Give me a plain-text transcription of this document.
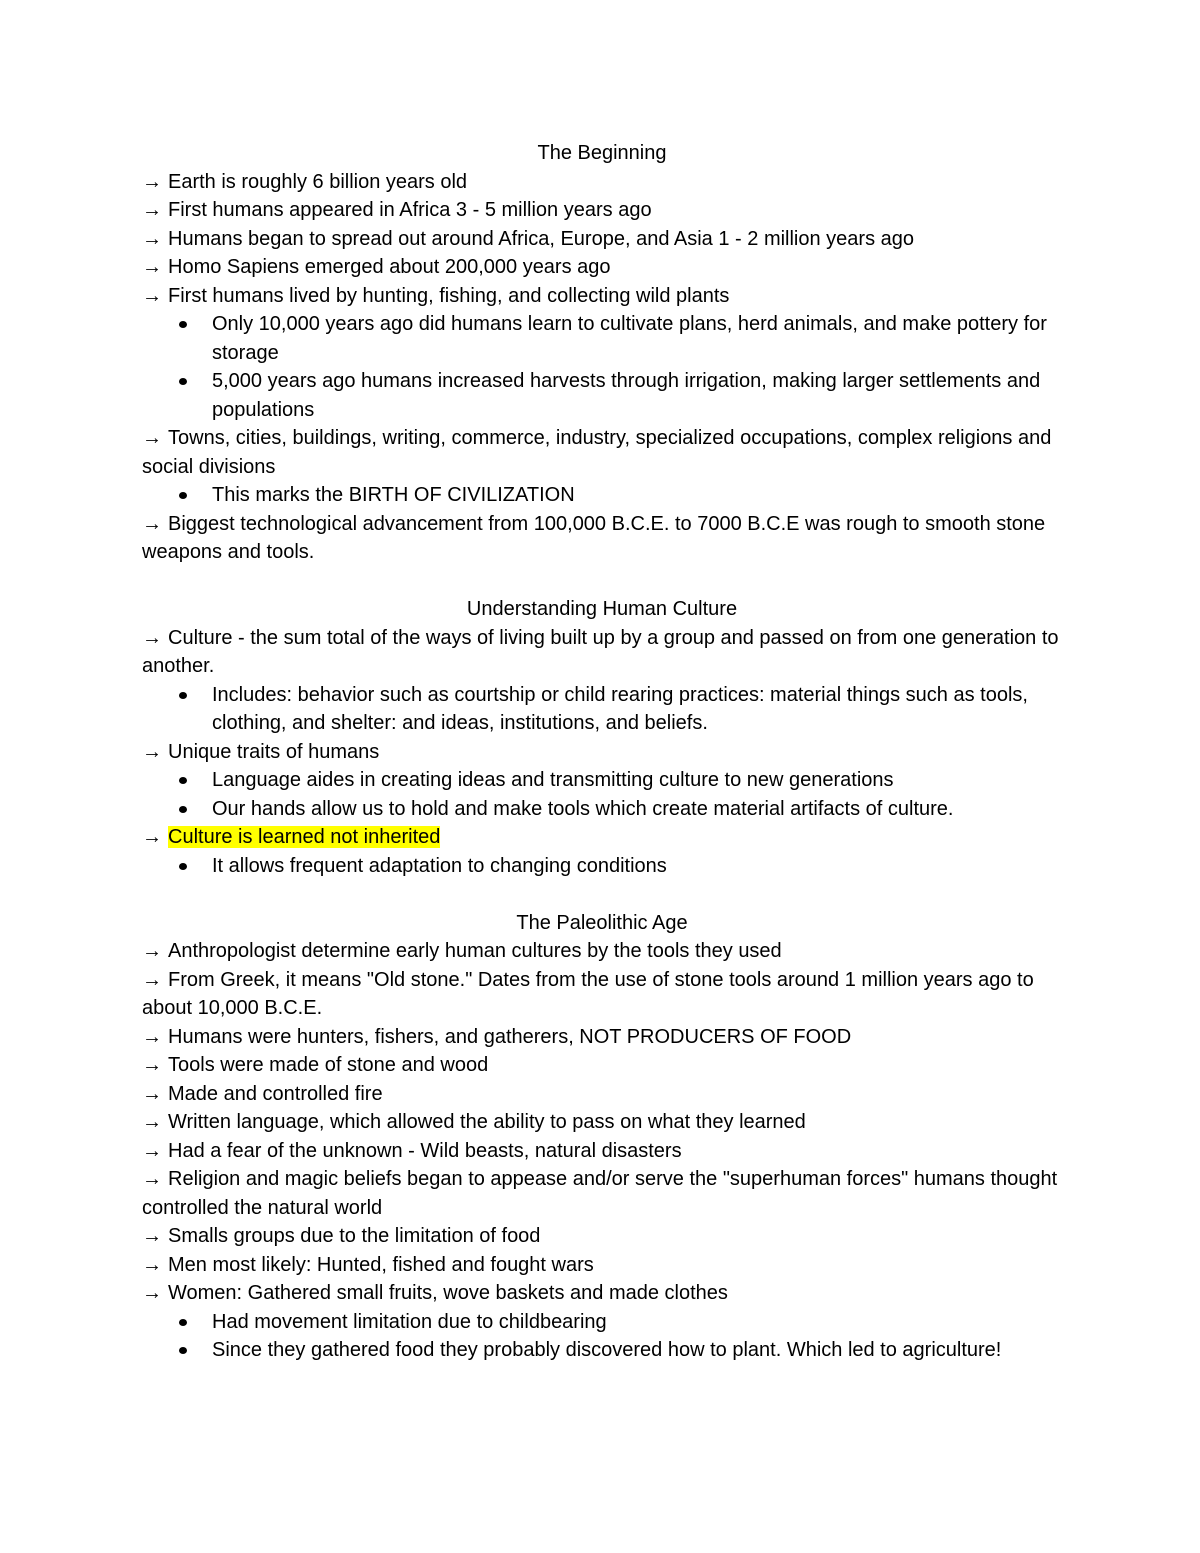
The Beginning

→ Earth is roughly 6 billion years old

→ First humans appeared in Africa 3 - 5 million years ago

→ Humans began to spread out around Africa, Europe, and Asia 1 - 2 million years ago

→ Homo Sapiens emerged about 200,000 years ago

→ First humans lived by hunting, fishing, and collecting wild plants

Only 10,000 years ago did humans learn to cultivate plans, herd animals, and make pottery for storage

5,000 years ago humans increased harvests through irrigation, making larger settlements and populations

→ Towns, cities, buildings, writing, commerce, industry, specialized occupations, complex religions and social divisions

This marks the BIRTH OF CIVILIZATION

→ Biggest technological advancement from 100,000 B.C.E. to 7000 B.C.E was rough to smooth stone weapons and tools.

Understanding Human Culture

→ Culture - the sum total of the ways of living built up by a group and passed on from one generation to another.

Includes: behavior such as courtship or child rearing practices: material things such as tools, clothing, and shelter: and ideas, institutions, and beliefs.

→ Unique traits of humans

Language aides in creating ideas and transmitting culture to new generations

Our hands allow us to hold and make tools which create material artifacts of culture.

→ Culture is learned not inherited

It allows frequent adaptation to changing conditions

The Paleolithic Age

→ Anthropologist determine early human cultures by the tools they used

→ From Greek, it means "Old stone." Dates from the use of stone tools around 1 million years ago to about 10,000 B.C.E.

→ Humans were hunters, fishers, and gatherers, NOT PRODUCERS OF FOOD

→ Tools were made of stone and wood

→ Made and controlled fire

→ Written language, which allowed the ability to pass on what they learned

→ Had a fear of the unknown - Wild beasts, natural disasters

→ Religion and magic beliefs began to appease and/or serve the "superhuman forces" humans thought controlled the natural world

→ Smalls groups due to the limitation of food

→ Men most likely: Hunted, fished and fought wars

→ Women: Gathered small fruits, wove baskets and made clothes

Had movement limitation due to childbearing

Since they gathered food they probably discovered how to plant. Which led to agriculture!
